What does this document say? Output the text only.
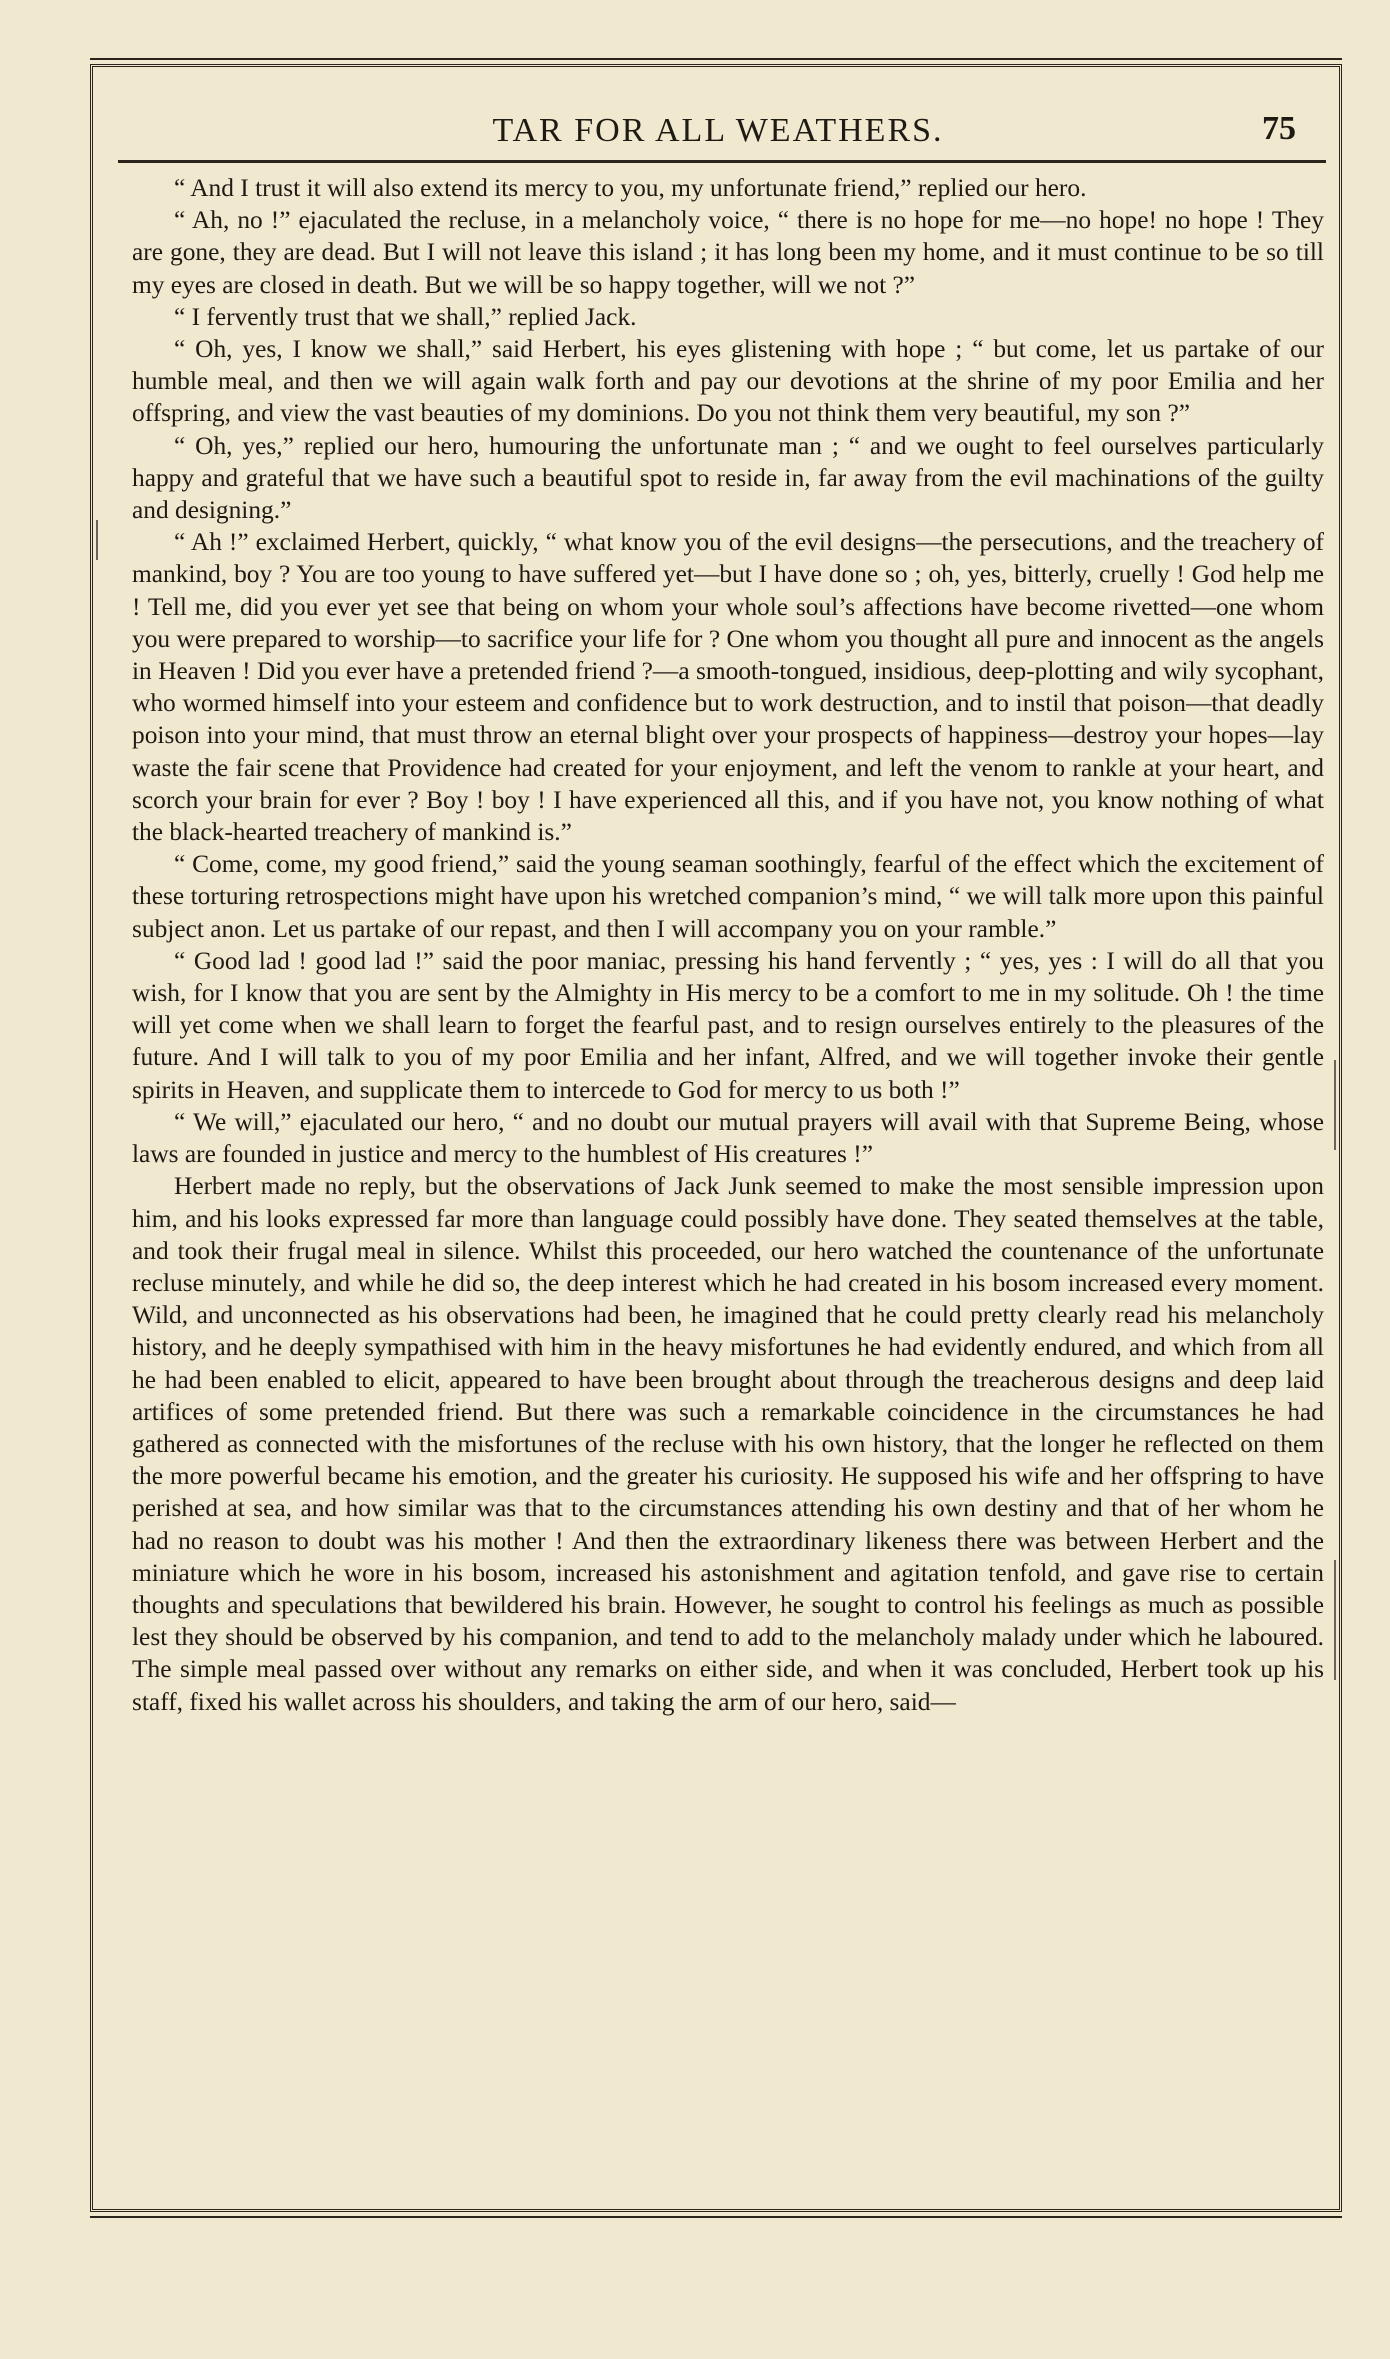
TAR FOR ALL WEATHERS.	75

“ And I trust it will also extend its mercy to you, my unfortunate friend,” replied our hero.

“ Ah, no !” ejaculated the recluse, in a melancholy voice, “ there is no hope for me—no hope! no hope ! They are gone, they are dead. But I will not leave this island ; it has long been my home, and it must continue to be so till my eyes are closed in death. But we will be so happy together, will we not ?”

“ I fervently trust that we shall,” replied Jack.

“ Oh, yes, I know we shall,” said Herbert, his eyes glistening with hope ; “ but come, let us partake of our humble meal, and then we will again walk forth and pay our devotions at the shrine of my poor Emilia and her offspring, and view the vast beauties of my dominions. Do you not think them very beautiful, my son ?”

“ Oh, yes,” replied our hero, humouring the unfortunate man ; “ and we ought to feel ourselves particularly happy and grateful that we have such a beautiful spot to reside in, far away from the evil machinations of the guilty and designing.”

“ Ah !” exclaimed Herbert, quickly, “ what know you of the evil designs—the persecutions, and the treachery of mankind, boy ? You are too young to have suffered yet—but I have done so ; oh, yes, bitterly, cruelly ! God help me ! Tell me, did you ever yet see that being on whom your whole soul’s affections have become rivetted—one whom you were prepared to worship—to sacrifice your life for ? One whom you thought all pure and innocent as the angels in Heaven ! Did you ever have a pretended friend ?—a smooth-tongued, insidious, deep-plotting and wily sycophant, who wormed himself into your esteem and confidence but to work destruction, and to instil that poison—that deadly poison into your mind, that must throw an eternal blight over your prospects of happiness—destroy your hopes—lay waste the fair scene that Providence had created for your enjoyment, and left the venom to rankle at your heart, and scorch your brain for ever ? Boy ! boy ! I have experienced all this, and if you have not, you know nothing of what the black-hearted treachery of mankind is.”

“ Come, come, my good friend,” said the young seaman soothingly, fearful of the effect which the excitement of these torturing retrospections might have upon his wretched companion’s mind, “ we will talk more upon this painful subject anon. Let us partake of our repast, and then I will accompany you on your ramble.”

“ Good lad ! good lad !” said the poor maniac, pressing his hand fervently ; “ yes, yes : I will do all that you wish, for I know that you are sent by the Almighty in His mercy to be a comfort to me in my solitude. Oh ! the time will yet come when we shall learn to forget the fearful past, and to resign ourselves entirely to the pleasures of the future. And I will talk to you of my poor Emilia and her infant, Alfred, and we will together invoke their gentle spirits in Heaven, and supplicate them to intercede to God for mercy to us both !”

“ We will,” ejaculated our hero, “ and no doubt our mutual prayers will avail with that Supreme Being, whose laws are founded in justice and mercy to the humblest of His creatures !”

Herbert made no reply, but the observations of Jack Junk seemed to make the most sensible impression upon him, and his looks expressed far more than language could possibly have done. They seated themselves at the table, and took their frugal meal in silence. Whilst this proceeded, our hero watched the countenance of the unfortunate recluse minutely, and while he did so, the deep interest which he had created in his bosom increased every moment. Wild, and unconnected as his observations had been, he imagined that he could pretty clearly read his melancholy history, and he deeply sympathised with him in the heavy misfortunes he had evidently endured, and which from all he had been enabled to elicit, appeared to have been brought about through the treacherous designs and deep laid artifices of some pretended friend. But there was such a remarkable coincidence in the circumstances he had gathered as connected with the misfortunes of the recluse with his own history, that the longer he reflected on them the more powerful became his emotion, and the greater his curiosity. He supposed his wife and her offspring to have perished at sea, and how similar was that to the circumstances attending his own destiny and that of her whom he had no reason to doubt was his mother ! And then the extraordinary likeness there was between Herbert and the miniature which he wore in his bosom, increased his astonishment and agitation tenfold, and gave rise to certain thoughts and speculations that bewildered his brain. However, he sought to control his feelings as much as possible lest they should be observed by his companion, and tend to add to the melancholy malady under which he laboured. The simple meal passed over without any remarks on either side, and when it was concluded, Herbert took up his staff, fixed his wallet across his shoulders, and taking the arm of our hero, said—
